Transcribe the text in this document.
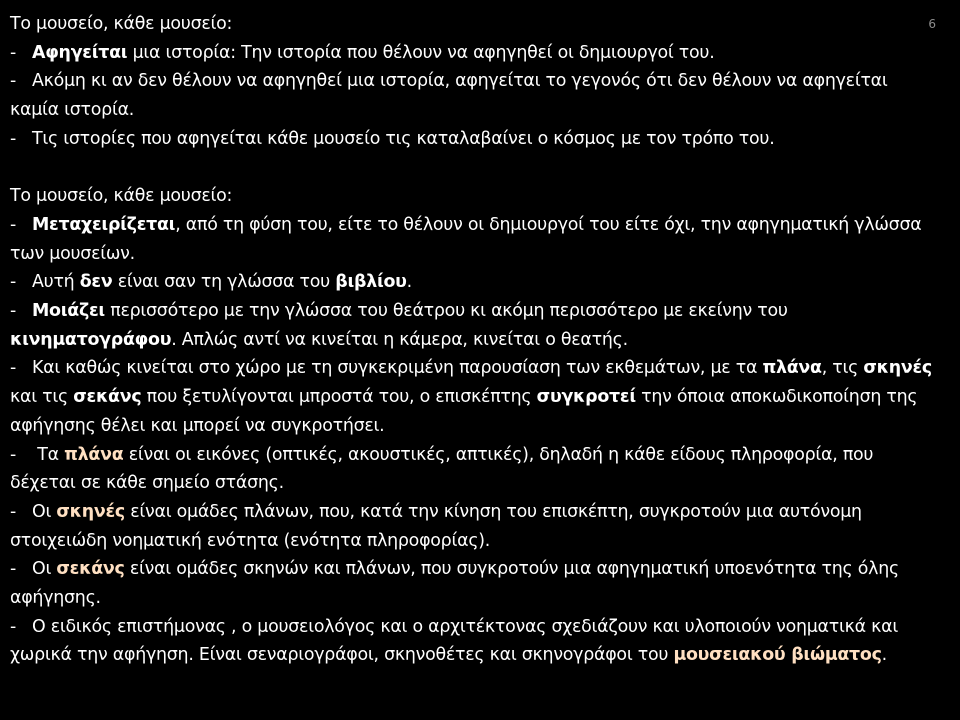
6
Το μουσείο, κάθε μουσείο:
- Αφηγείται μια ιστορία: Την ιστορία που θέλουν να αφηγηθεί οι δημιουργοί του.
- Ακόμη κι αν δεν θέλουν να αφηγηθεί μια ιστορία, αφηγείται το γεγονός ότι δεν θέλουν να αφηγείται καμία ιστορία.
- Τις ιστορίες που αφηγείται κάθε μουσείο τις καταλαβαίνει ο κόσμος με τον τρόπο του.
Το μουσείο, κάθε μουσείο:
- Μεταχειρίζεται, από τη φύση του, είτε το θέλουν οι δημιουργοί του είτε όχι, την αφηγηματική γλώσσα των μουσείων.
- Αυτή δεν είναι σαν τη γλώσσα του βιβλίου.
- Μοιάζει περισσότερο με την γλώσσα του θεάτρου κι ακόμη περισσότερο με εκείνην του κινηματογράφου. Απλώς αντί να κινείται η κάμερα, κινείται ο θεατής.
- Και καθώς κινείται στο χώρο με τη συγκεκριμένη παρουσίαση των εκθεμάτων, με τα πλάνα, τις σκηνές και τις σεκάνς που ξετυλίγονται μπροστά του, ο επισκέπτης συγκροτεί την όποια αποκωδικοποίηση της αφήγησης θέλει και μπορεί να συγκροτήσει.
- Τα πλάνα είναι οι εικόνες (οπτικές, ακουστικές, απτικές), δηλαδή η κάθε είδους πληροφορία, που δέχεται σε κάθε σημείο στάσης.
- Οι σκηνές είναι ομάδες πλάνων, που, κατά την κίνηση του επισκέπτη, συγκροτούν μια αυτόνομη στοιχειώδη νοηματική ενότητα (ενότητα πληροφορίας).
- Οι σεκάνς είναι ομάδες σκηνών και πλάνων, που συγκροτούν μια αφηγηματική υποενότητα της όλης αφήγησης.
- Ο ειδικός επιστήμονας , ο μουσειολόγος και ο αρχιτέκτονας σχεδιάζουν και υλοποιούν νοηματικά και χωρικά την αφήγηση. Είναι σεναριογράφοι, σκηνοθέτες και σκηνογράφοι του μουσειακού βιώματος.
